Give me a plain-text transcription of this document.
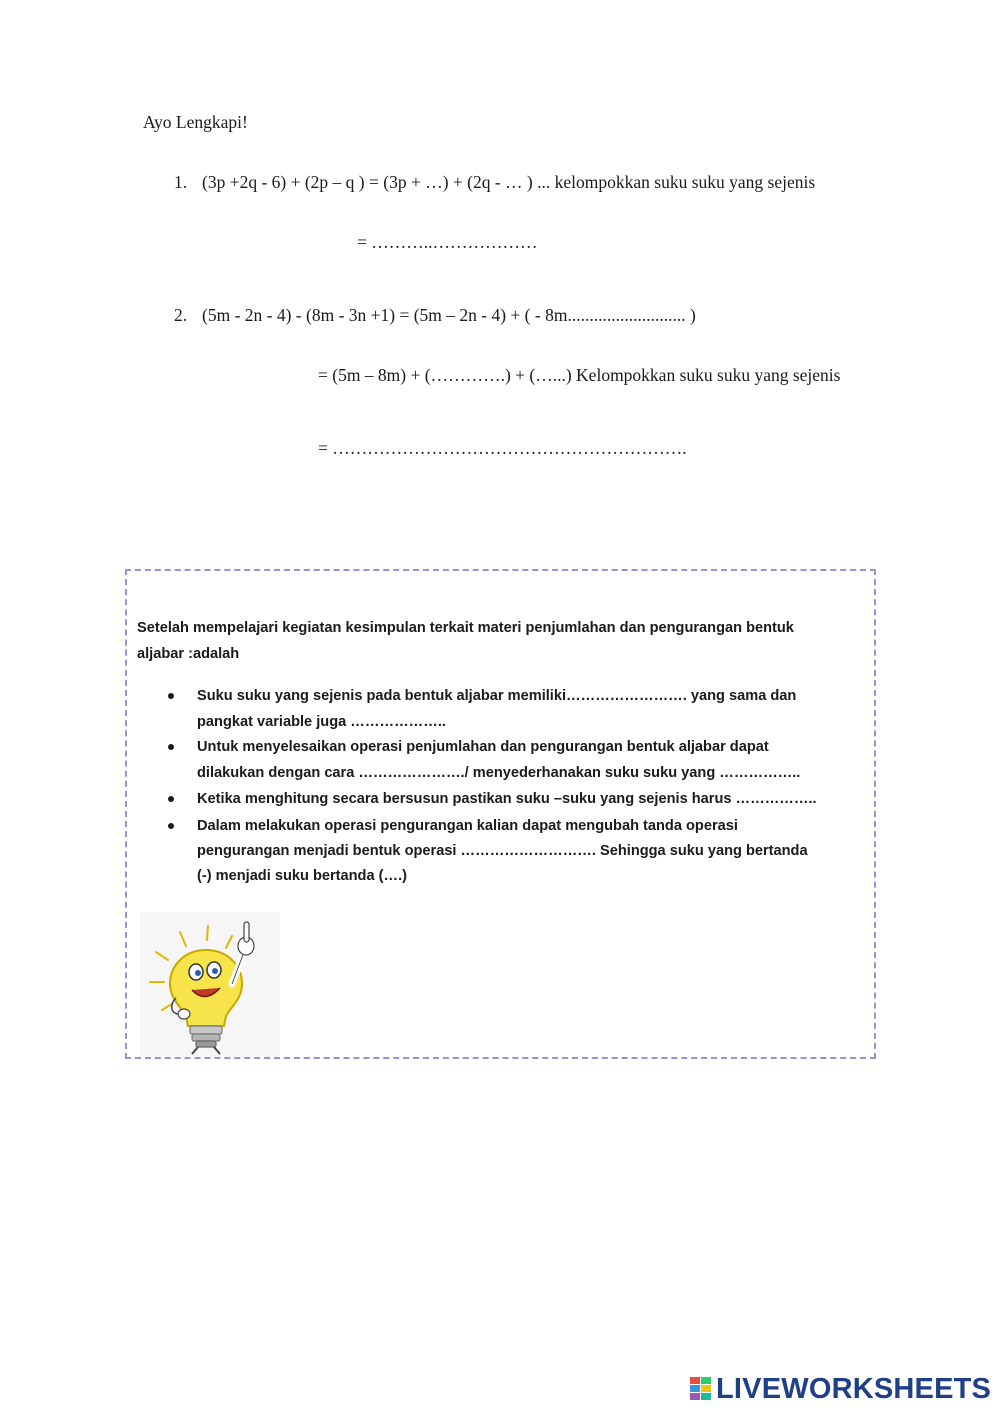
Ayo Lengkapi!
1. (3p +2q - 6) + (2p – q ) = (3p + …) + (2q - … ) ... kelompokkan suku suku yang sejenis
= ………..………………
2. (5m - 2n - 4) - (8m - 3n +1) = (5m – 2n - 4) + ( - 8m........................... )
= (5m – 8m) + (………….) + (…...) Kelompokkan suku suku yang sejenis
= …………………………………………………….
Setelah mempelajari kegiatan kesimpulan terkait materi penjumlahan dan pengurangan bentuk
aljabar :adalah
Suku suku yang sejenis pada bentuk aljabar memiliki……………………. yang sama dan
pangkat variable juga ………………..
Untuk menyelesaikan operasi penjumlahan dan pengurangan bentuk aljabar dapat
dilakukan dengan cara …………………./ menyederhanakan suku suku yang ……………..
Ketika menghitung secara bersusun pastikan suku –suku yang sejenis harus ……………..
Dalam melakukan operasi pengurangan kalian dapat mengubah tanda operasi
pengurangan menjadi bentuk operasi ………………………. Sehingga suku yang bertanda
(-) menjadi suku bertanda (….)
LIVEWORKSHEETS
